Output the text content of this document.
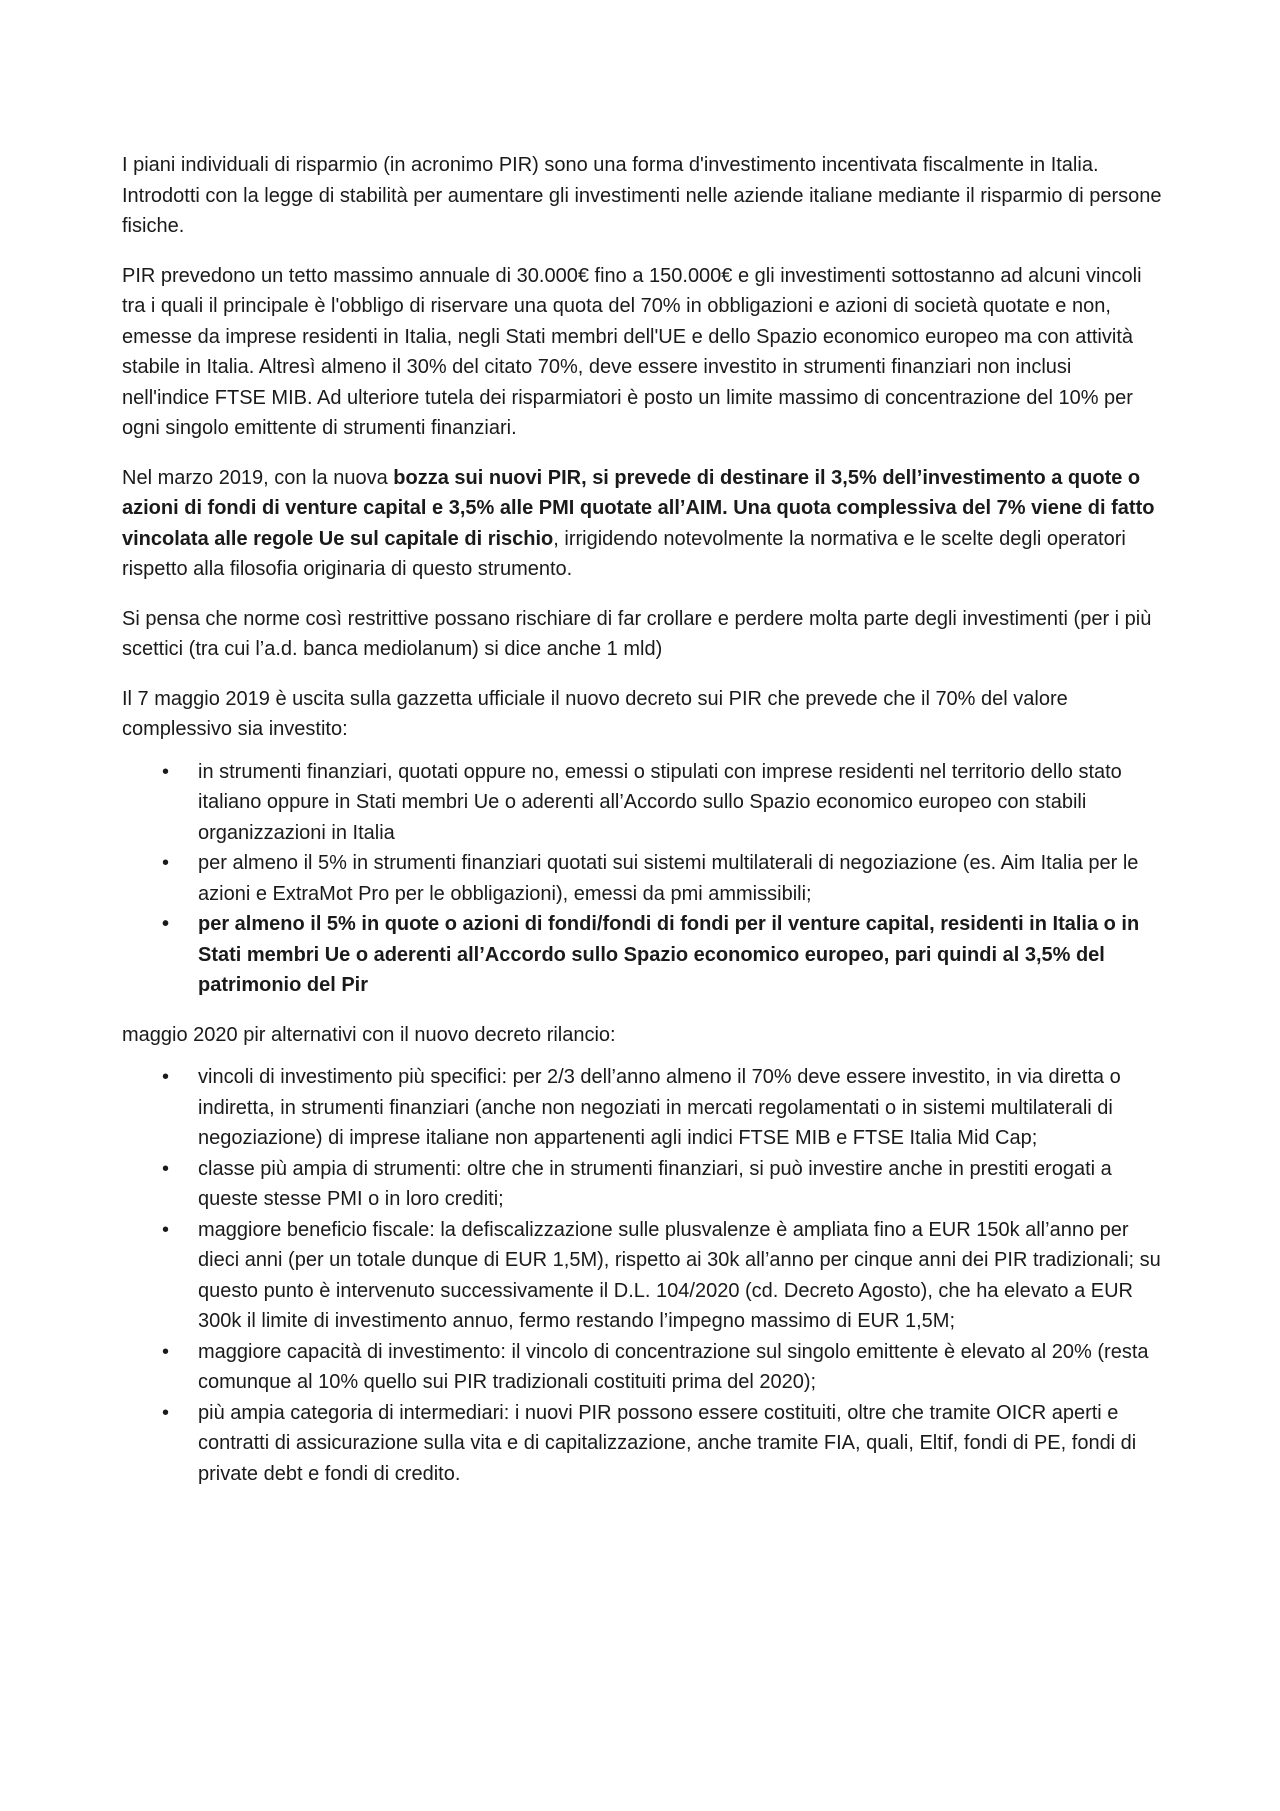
I piani individuali di risparmio (in acronimo PIR) sono una forma d'investimento incentivata fiscalmente in Italia. Introdotti con la legge di stabilità per aumentare gli investimenti nelle aziende italiane mediante il risparmio di persone fisiche.

PIR prevedono un tetto massimo annuale di 30.000€ fino a 150.000€ e gli investimenti sottostanno ad alcuni vincoli tra i quali il principale è l'obbligo di riservare una quota del 70% in obbligazioni e azioni di società quotate e non, emesse da imprese residenti in Italia, negli Stati membri dell'UE e dello Spazio economico europeo ma con attività stabile in Italia. Altresì almeno il 30% del citato 70%, deve essere investito in strumenti finanziari non inclusi nell'indice FTSE MIB. Ad ulteriore tutela dei risparmiatori è posto un limite massimo di concentrazione del 10% per ogni singolo emittente di strumenti finanziari.

Nel marzo 2019, con la nuova bozza sui nuovi PIR, si prevede di destinare il 3,5% dell’investimento a quote o azioni di fondi di venture capital e 3,5% alle PMI quotate all’AIM. Una quota complessiva del 7% viene di fatto vincolata alle regole Ue sul capitale di rischio, irrigidendo notevolmente la normativa e le scelte degli operatori rispetto alla filosofia originaria di questo strumento.

Si pensa che norme così restrittive possano rischiare di far crollare e perdere molta parte degli investimenti (per i più scettici (tra cui l’a.d. banca mediolanum) si dice anche 1 mld)

Il 7 maggio 2019 è uscita sulla gazzetta ufficiale il nuovo decreto sui PIR che prevede che il 70% del valore complessivo sia investito:

• in strumenti finanziari, quotati oppure no, emessi o stipulati con imprese residenti nel territorio dello stato italiano oppure in Stati membri Ue o aderenti all’Accordo sullo Spazio economico europeo con stabili organizzazioni in Italia
• per almeno il 5% in strumenti finanziari quotati sui sistemi multilaterali di negoziazione (es. Aim Italia per le azioni e ExtraMot Pro per le obbligazioni), emessi da pmi ammissibili;
• per almeno il 5% in quote o azioni di fondi/fondi di fondi per il venture capital, residenti in Italia o in Stati membri Ue o aderenti all’Accordo sullo Spazio economico europeo, pari quindi al 3,5% del patrimonio del Pir

maggio 2020 pir alternativi con il nuovo decreto rilancio:

• vincoli di investimento più specifici: per 2/3 dell’anno almeno il 70% deve essere investito, in via diretta o indiretta, in strumenti finanziari (anche non negoziati in mercati regolamentati o in sistemi multilaterali di negoziazione) di imprese italiane non appartenenti agli indici FTSE MIB e FTSE Italia Mid Cap;
• classe più ampia di strumenti: oltre che in strumenti finanziari, si può investire anche in prestiti erogati a queste stesse PMI o in loro crediti;
• maggiore beneficio fiscale: la defiscalizzazione sulle plusvalenze è ampliata fino a EUR 150k all’anno per dieci anni (per un totale dunque di EUR 1,5M), rispetto ai 30k all’anno per cinque anni dei PIR tradizionali; su questo punto è intervenuto successivamente il D.L. 104/2020 (cd. Decreto Agosto), che ha elevato a EUR 300k il limite di investimento annuo, fermo restando l’impegno massimo di EUR 1,5M;
• maggiore capacità di investimento: il vincolo di concentrazione sul singolo emittente è elevato al 20% (resta comunque al 10% quello sui PIR tradizionali costituiti prima del 2020);
• più ampia categoria di intermediari: i nuovi PIR possono essere costituiti, oltre che tramite OICR aperti e contratti di assicurazione sulla vita e di capitalizzazione, anche tramite FIA, quali, Eltif, fondi di PE, fondi di private debt e fondi di credito.
